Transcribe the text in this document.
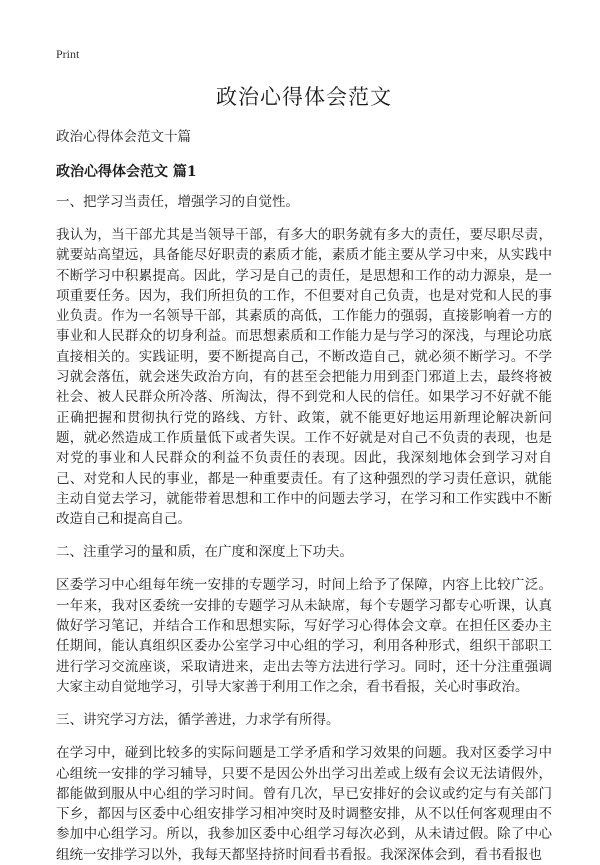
Print
政治心得体会范文
政治心得体会范文十篇
政治心得体会范文 篇1
一、把学习当责任，增强学习的自觉性。

我认为，当干部尤其是当领导干部，有多大的职务就有多大的责任，要尽职尽责，就要站高望远，具备能尽好职责的素质才能，素质才能主要从学习中来，从实践中不断学习中积累提高。因此，学习是自己的责任，是思想和工作的动力源泉，是一项重要任务。因为，我们所担负的工作，不但要对自己负责，也是对党和人民的事业负责。作为一名领导干部，其素质的高低，工作能力的强弱，直接影响着一方的事业和人民群众的切身利益。而思想素质和工作能力是与学习的深浅，与理论功底直接相关的。实践证明，要不断提高自己，不断改造自己，就必须不断学习。不学习就会落伍，就会迷失政治方向，有的甚至会把能力用到歪门邪道上去，最终将被社会、被人民群众所冷落、所淘汰，得不到党和人民的信任。如果学习不好就不能正确把握和贯彻执行党的路线、方针、政策，就不能更好地运用新理论解决新问题，就必然造成工作质量低下或者失误。工作不好就是对自己不负责的表现，也是对党的事业和人民群众的利益不负责任的表现。因此，我深刻地体会到学习对自己、对党和人民的事业，都是一种重要责任。有了这种强烈的学习责任意识，就能主动自觉去学习，就能带着思想和工作中的问题去学习，在学习和工作实践中不断改造自己和提高自己。

二、注重学习的量和质，在广度和深度上下功夫。

区委学习中心组每年统一安排的专题学习，时间上给予了保障，内容上比较广泛。一年来，我对区委统一安排的专题学习从未缺席，每个专题学习都专心听课，认真做好学习笔记，并结合工作和思想实际，写好学习心得体会文章。在担任区委办主任期间，能认真组织区委办公室学习中心组的学习，利用各种形式，组织干部职工进行学习交流座谈，采取请进来，走出去等方法进行学习。同时，还十分注重强调大家主动自觉地学习，引导大家善于利用工作之余，看书看报，关心时事政治。

三、讲究学习方法，循学善进，力求学有所得。

在学习中，碰到比较多的实际问题是工学矛盾和学习效果的问题。我对区委学习中心组统一安排的学习辅导，只要不是因公外出学习出差或上级有会议无法请假外，都能做到服从中心组的学习时间。曾有几次，早已安排好的会议或约定与有关部门下乡，都因与区委中心组安排学习相冲突时及时调整安排，从不以任何客观理由不参加中心组学习。所以，我参加区委中心组学习每次必到，从未请过假。除了中心组统一安排学习以外，我每天都坚持挤时间看书看报。我深深体会到，看书看报也
